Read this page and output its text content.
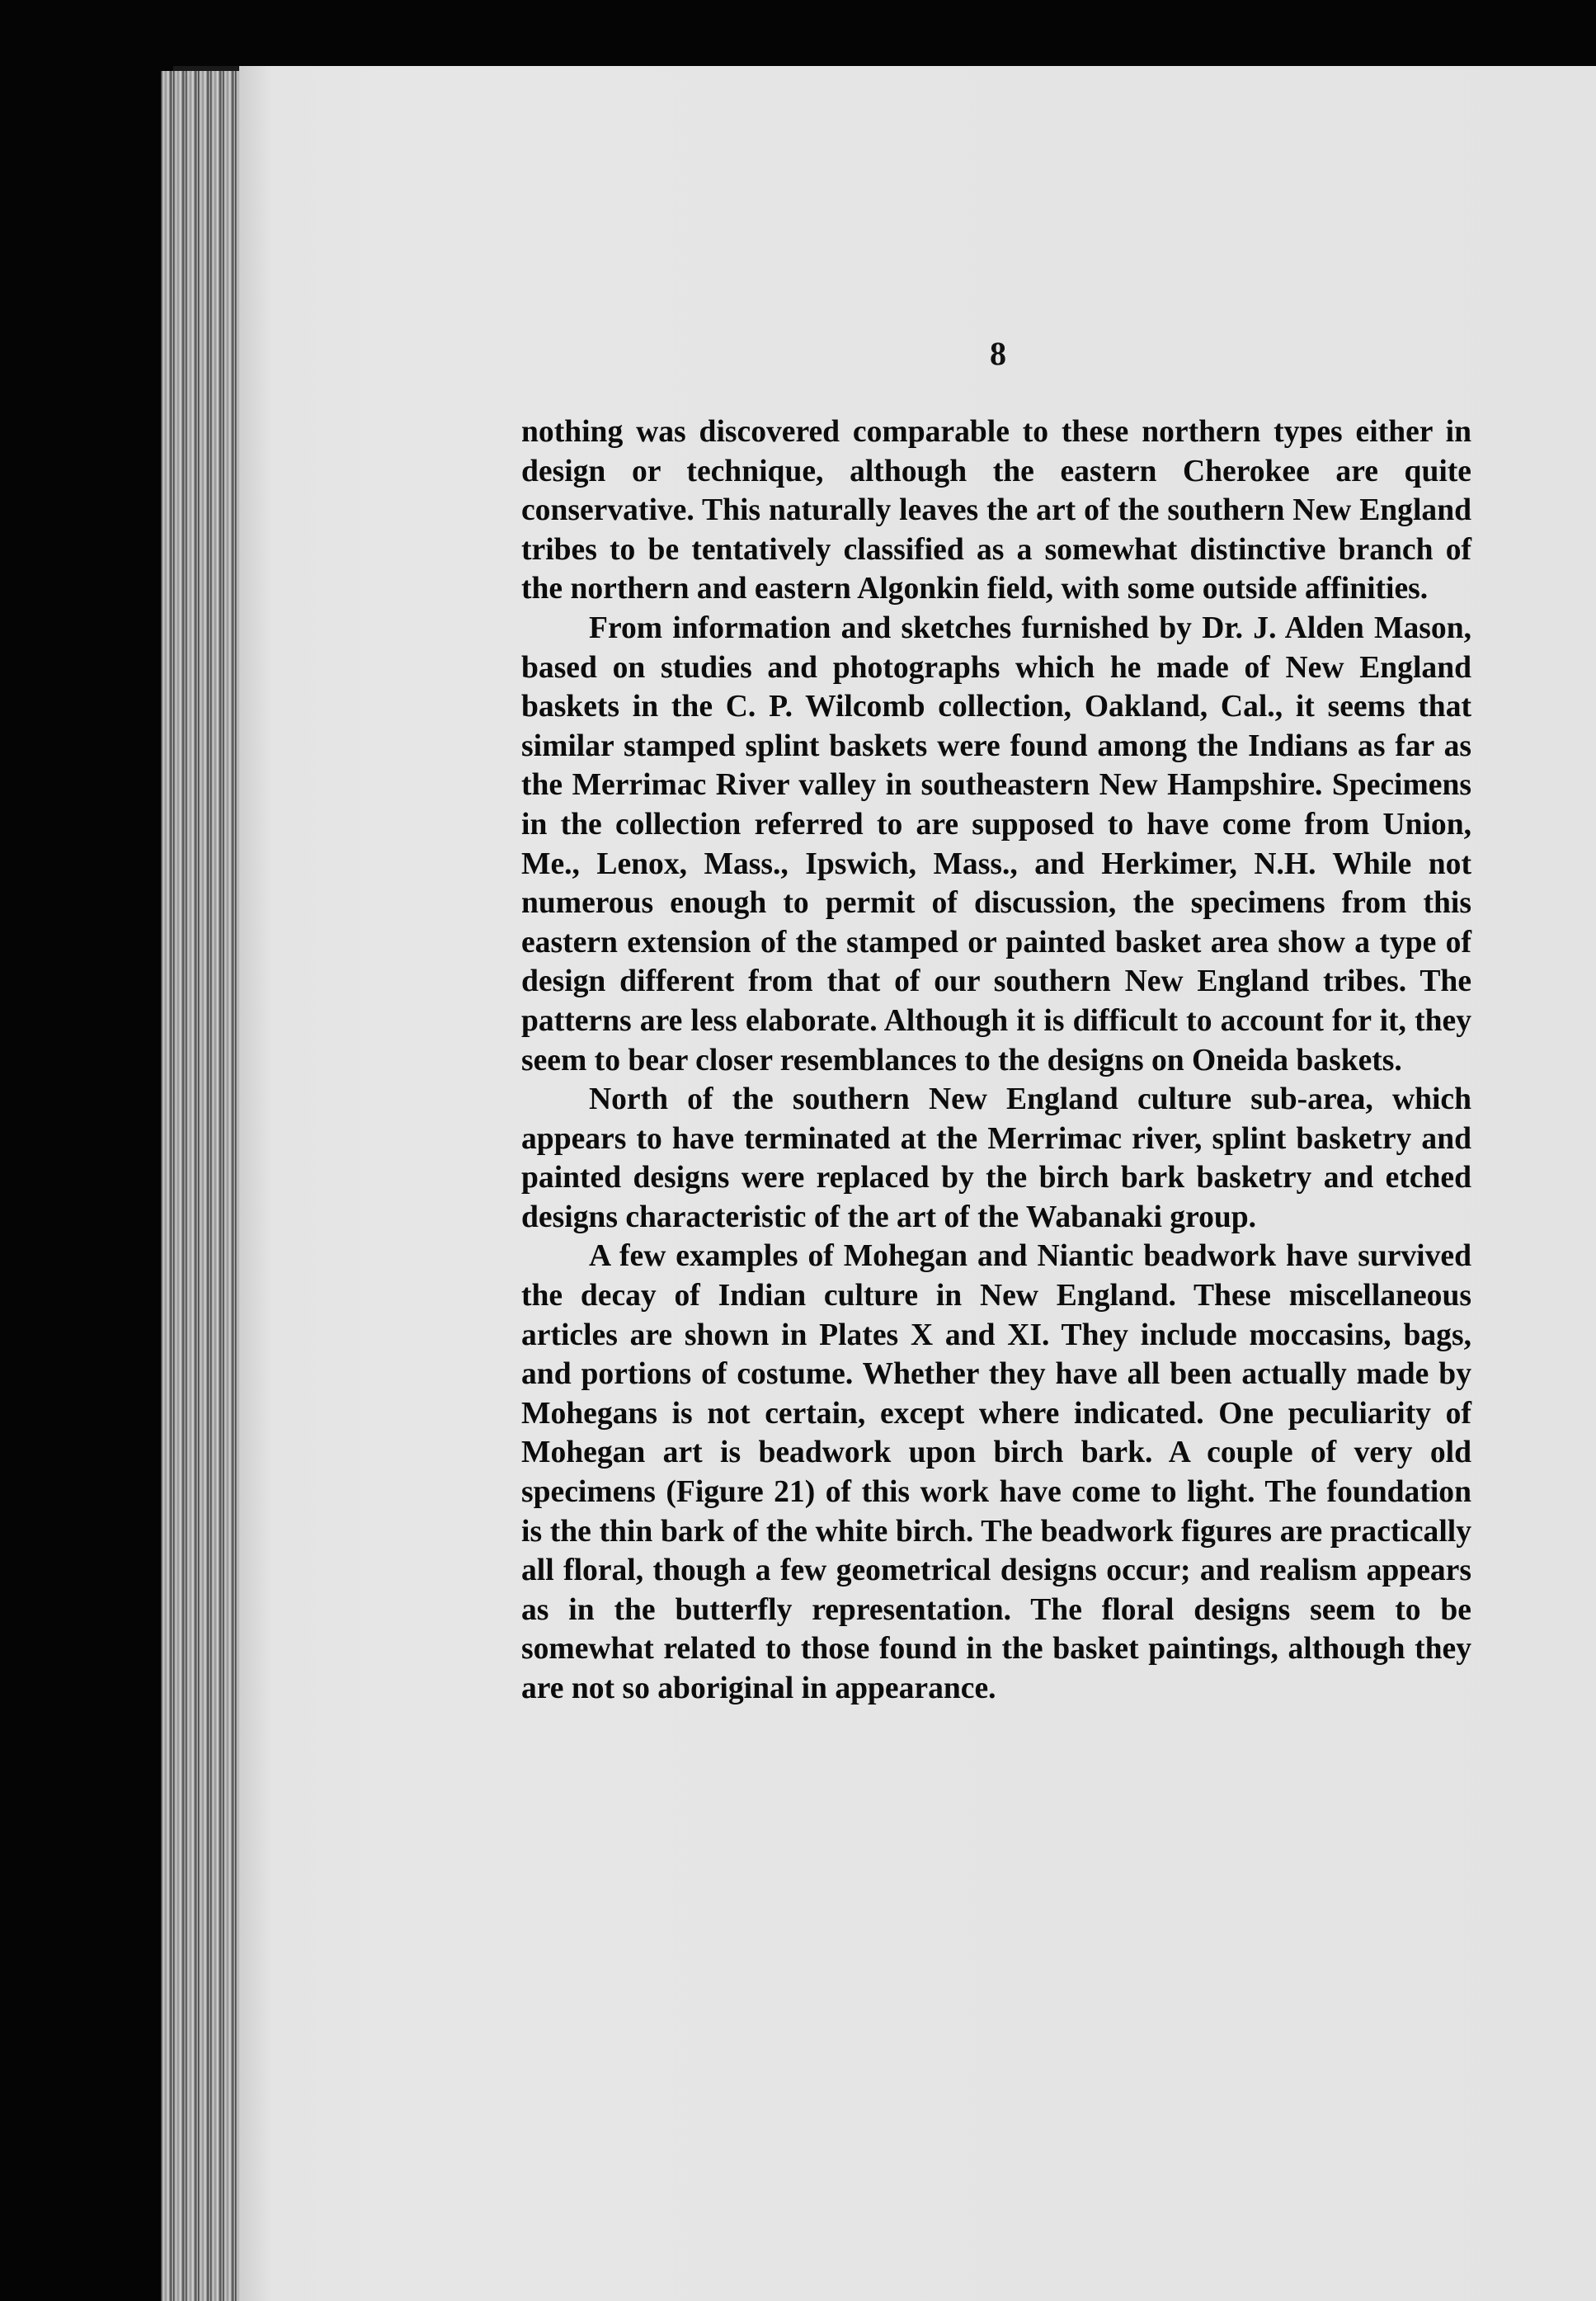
8

nothing was discovered comparable to these northern types either in design or technique, although the eastern Cherokee are quite conservative. This naturally leaves the art of the southern New England tribes to be tentatively classified as a somewhat distinctive branch of the northern and eastern Algonkin field, with some outside affinities.

From information and sketches furnished by Dr. J. Alden Mason, based on studies and photographs which he made of New England baskets in the C. P. Wilcomb collection, Oakland, Cal., it seems that similar stamped splint baskets were found among the Indians as far as the Merrimac River valley in southeastern New Hampshire. Specimens in the collection referred to are supposed to have come from Union, Me., Lenox, Mass., Ipswich, Mass., and Herkimer, N.H. While not numerous enough to permit of discussion, the specimens from this eastern extension of the stamped or painted basket area show a type of design different from that of our southern New England tribes. The patterns are less elaborate. Although it is difficult to account for it, they seem to bear closer resemblances to the designs on Oneida baskets.

North of the southern New England culture sub-area, which appears to have terminated at the Merrimac river, splint basketry and painted designs were replaced by the birch bark basketry and etched designs characteristic of the art of the Wabanaki group.

A few examples of Mohegan and Niantic beadwork have survived the decay of Indian culture in New England. These miscellaneous articles are shown in Plates X and XI. They include moccasins, bags, and portions of costume. Whether they have all been actually made by Mohegans is not certain, except where indicated. One peculiarity of Mohegan art is beadwork upon birch bark. A couple of very old specimens (Figure 21) of this work have come to light. The foundation is the thin bark of the white birch. The beadwork figures are practically all floral, though a few geometrical designs occur; and realism appears as in the butterfly representation. The floral designs seem to be somewhat related to those found in the basket paintings, although they are not so aboriginal in appearance.
